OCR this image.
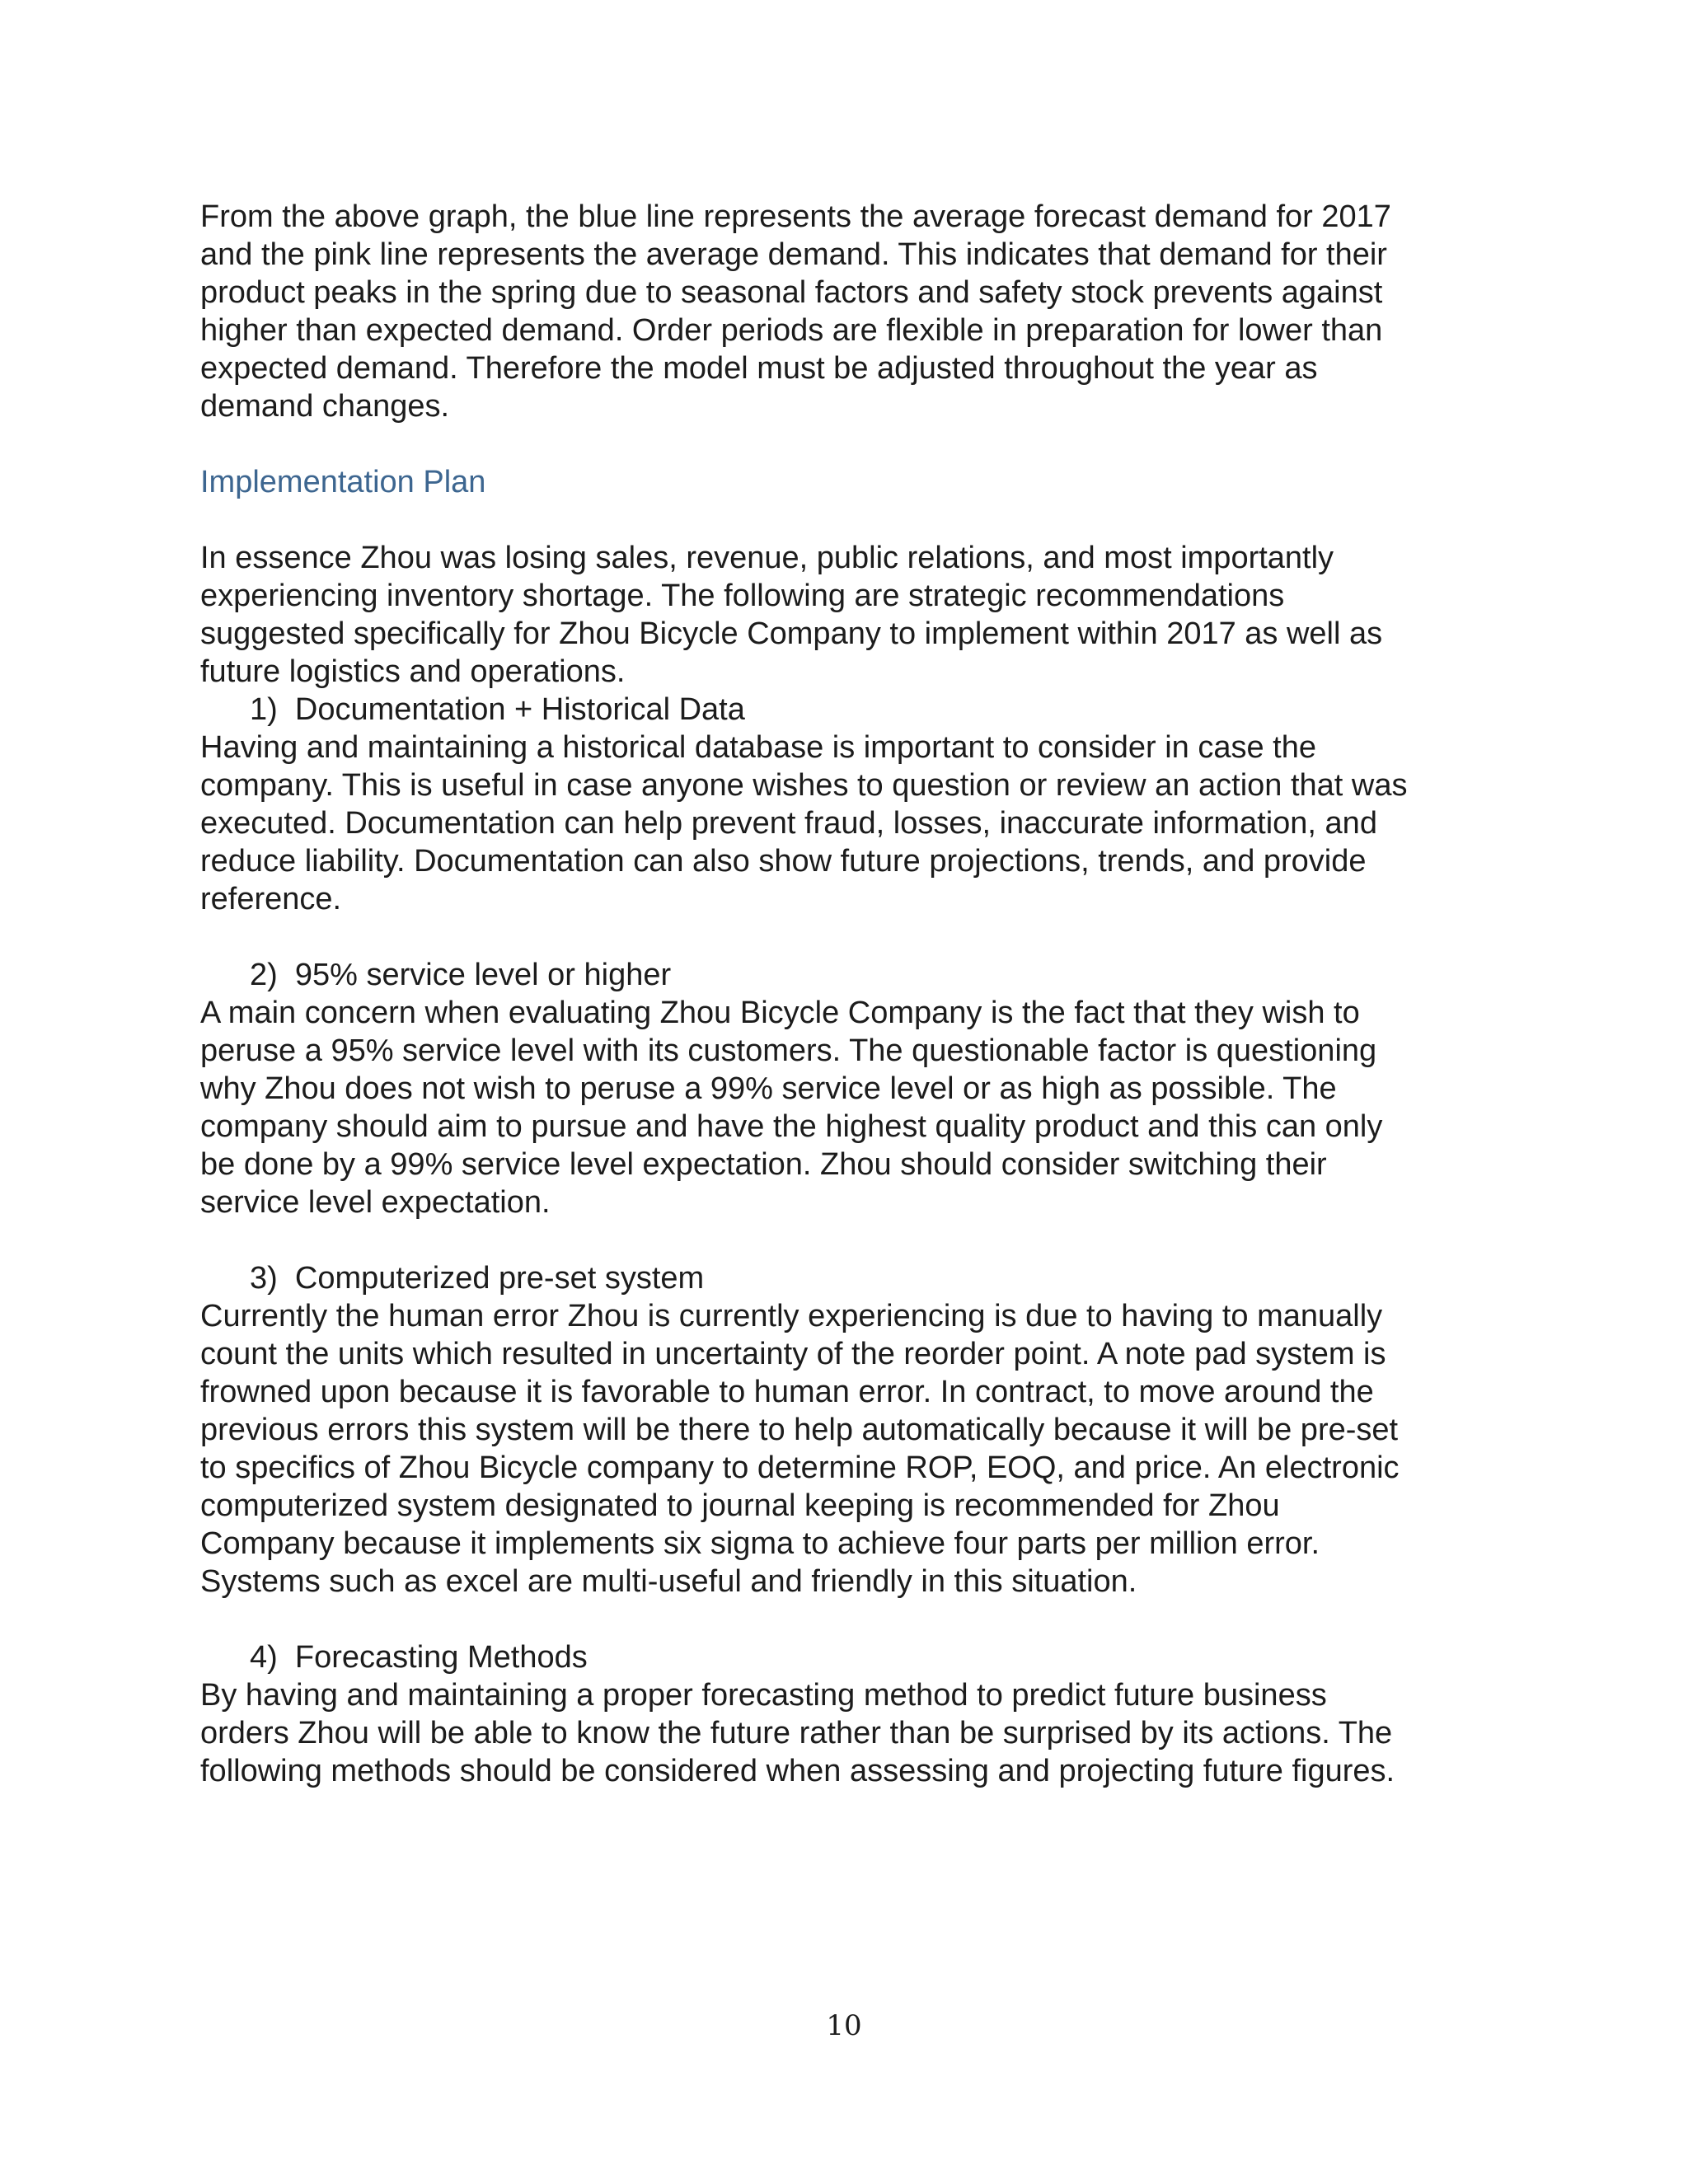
From the above graph, the blue line represents the average forecast demand for 2017
and the pink line represents the average demand. This indicates that demand for their
product peaks in the spring due to seasonal factors and safety stock prevents against
higher than expected demand. Order periods are flexible in preparation for lower than
expected demand. Therefore the model must be adjusted throughout the year as
demand changes.

Implementation Plan

In essence Zhou was losing sales, revenue, public relations, and most importantly
experiencing inventory shortage. The following are strategic recommendations
suggested specifically for Zhou Bicycle Company to implement within 2017 as well as
future logistics and operations.

1)  Documentation + Historical Data

Having and maintaining a historical database is important to consider in case the
company. This is useful in case anyone wishes to question or review an action that was
executed. Documentation can help prevent fraud, losses, inaccurate information, and
reduce liability. Documentation can also show future projections, trends, and provide
reference.

2)  95% service level or higher

A main concern when evaluating Zhou Bicycle Company is the fact that they wish to
peruse a 95% service level with its customers. The questionable factor is questioning
why Zhou does not wish to peruse a 99% service level or as high as possible. The
company should aim to pursue and have the highest quality product and this can only
be done by a 99% service level expectation. Zhou should consider switching their
service level expectation.

3)  Computerized pre-set system

Currently the human error Zhou is currently experiencing is due to having to manually
count the units which resulted in uncertainty of the reorder point. A note pad system is
frowned upon because it is favorable to human error. In contract, to move around the
previous errors this system will be there to help automatically because it will be pre-set
to specifics of Zhou Bicycle company to determine ROP, EOQ, and price. An electronic
computerized system designated to journal keeping is recommended for Zhou
Company because it implements six sigma to achieve four parts per million error.
Systems such as excel are multi-useful and friendly in this situation.

4)  Forecasting Methods

By having and maintaining a proper forecasting method to predict future business
orders Zhou will be able to know the future rather than be surprised by its actions. The
following methods should be considered when assessing and projecting future figures.

10
